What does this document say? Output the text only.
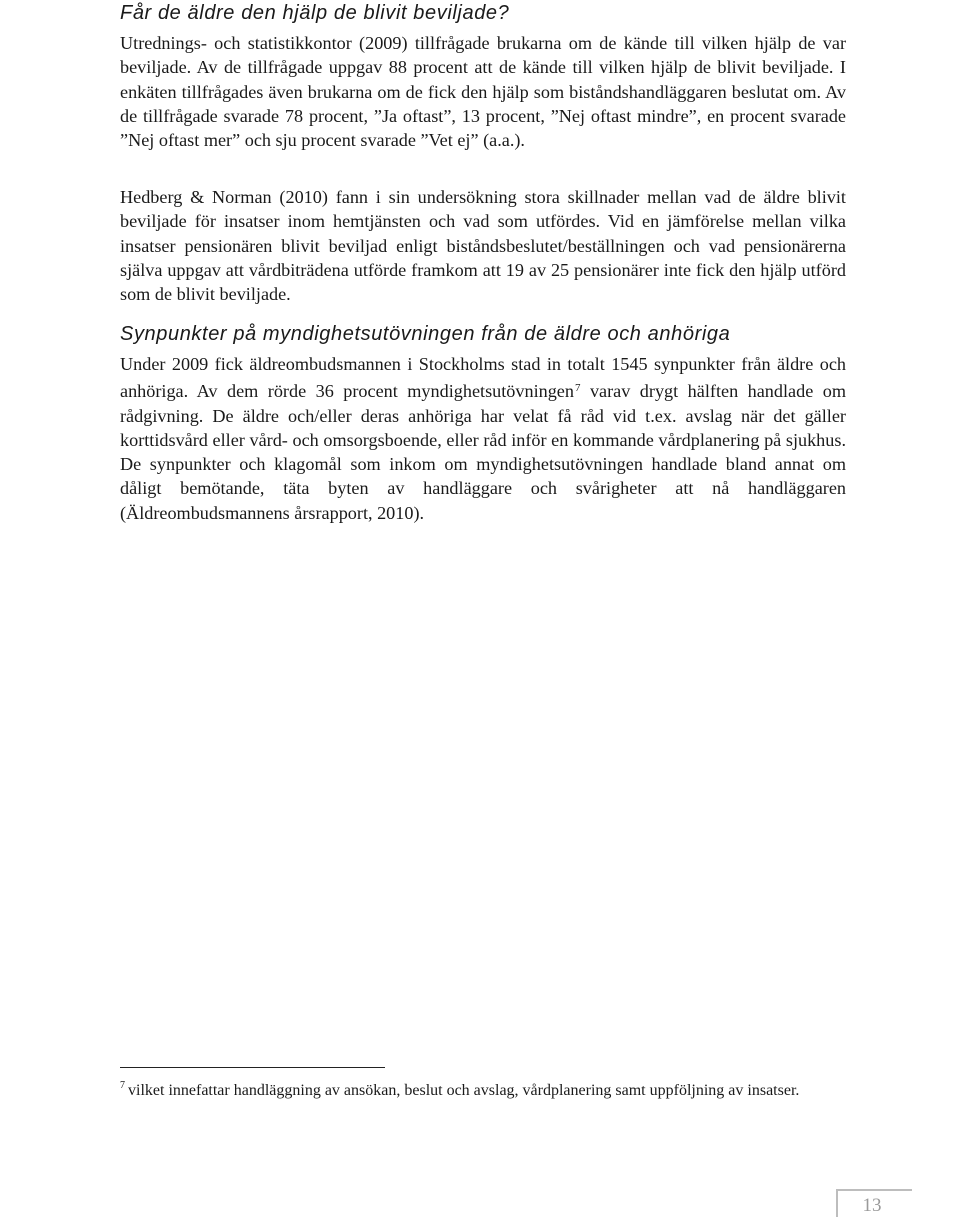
Får de äldre den hjälp de blivit beviljade?

Utrednings- och statistikkontor (2009) tillfrågade brukarna om de kände till vilken hjälp de var beviljade. Av de tillfrågade uppgav 88 procent att de kände till vilken hjälp de blivit beviljade. I enkäten tillfrågades även brukarna om de fick den hjälp som biståndshandläggaren beslutat om. Av de tillfrågade svarade 78 procent, ”Ja oftast”, 13 procent, ”Nej oftast mindre”, en procent svarade ”Nej oftast mer” och sju procent svarade ”Vet ej” (a.a.).

Hedberg & Norman (2010) fann i sin undersökning stora skillnader mellan vad de äldre blivit beviljade för insatser inom hemtjänsten och vad som utfördes. Vid en jämförelse mellan vilka insatser pensionären blivit beviljad enligt biståndsbeslutet/beställningen och vad pensionärerna själva uppgav att vårdbiträdena utförde framkom att 19 av 25 pensionärer inte fick den hjälp utförd som de blivit beviljade.

Synpunkter på myndighetsutövningen från de äldre och anhöriga

Under 2009 fick äldreombudsmannen i Stockholms stad in totalt 1545 synpunkter från äldre och anhöriga. Av dem rörde 36 procent myndighetsutövningen$^7$ varav drygt hälften handlade om rådgivning. De äldre och/eller deras anhöriga har velat få råd vid t.ex. avslag när det gäller korttidsvård eller vård- och omsorgsboende, eller råd inför en kommande vårdplanering på sjukhus. De synpunkter och klagomål som inkom om myndighetsutövningen handlade bland annat om dåligt bemötande, täta byten av handläggare och svårigheter att nå handläggaren (Äldreombudsmannens årsrapport, 2010).

$^7$ vilket innefattar handläggning av ansökan, beslut och avslag, vårdplanering samt uppföljning av insatser.
13
